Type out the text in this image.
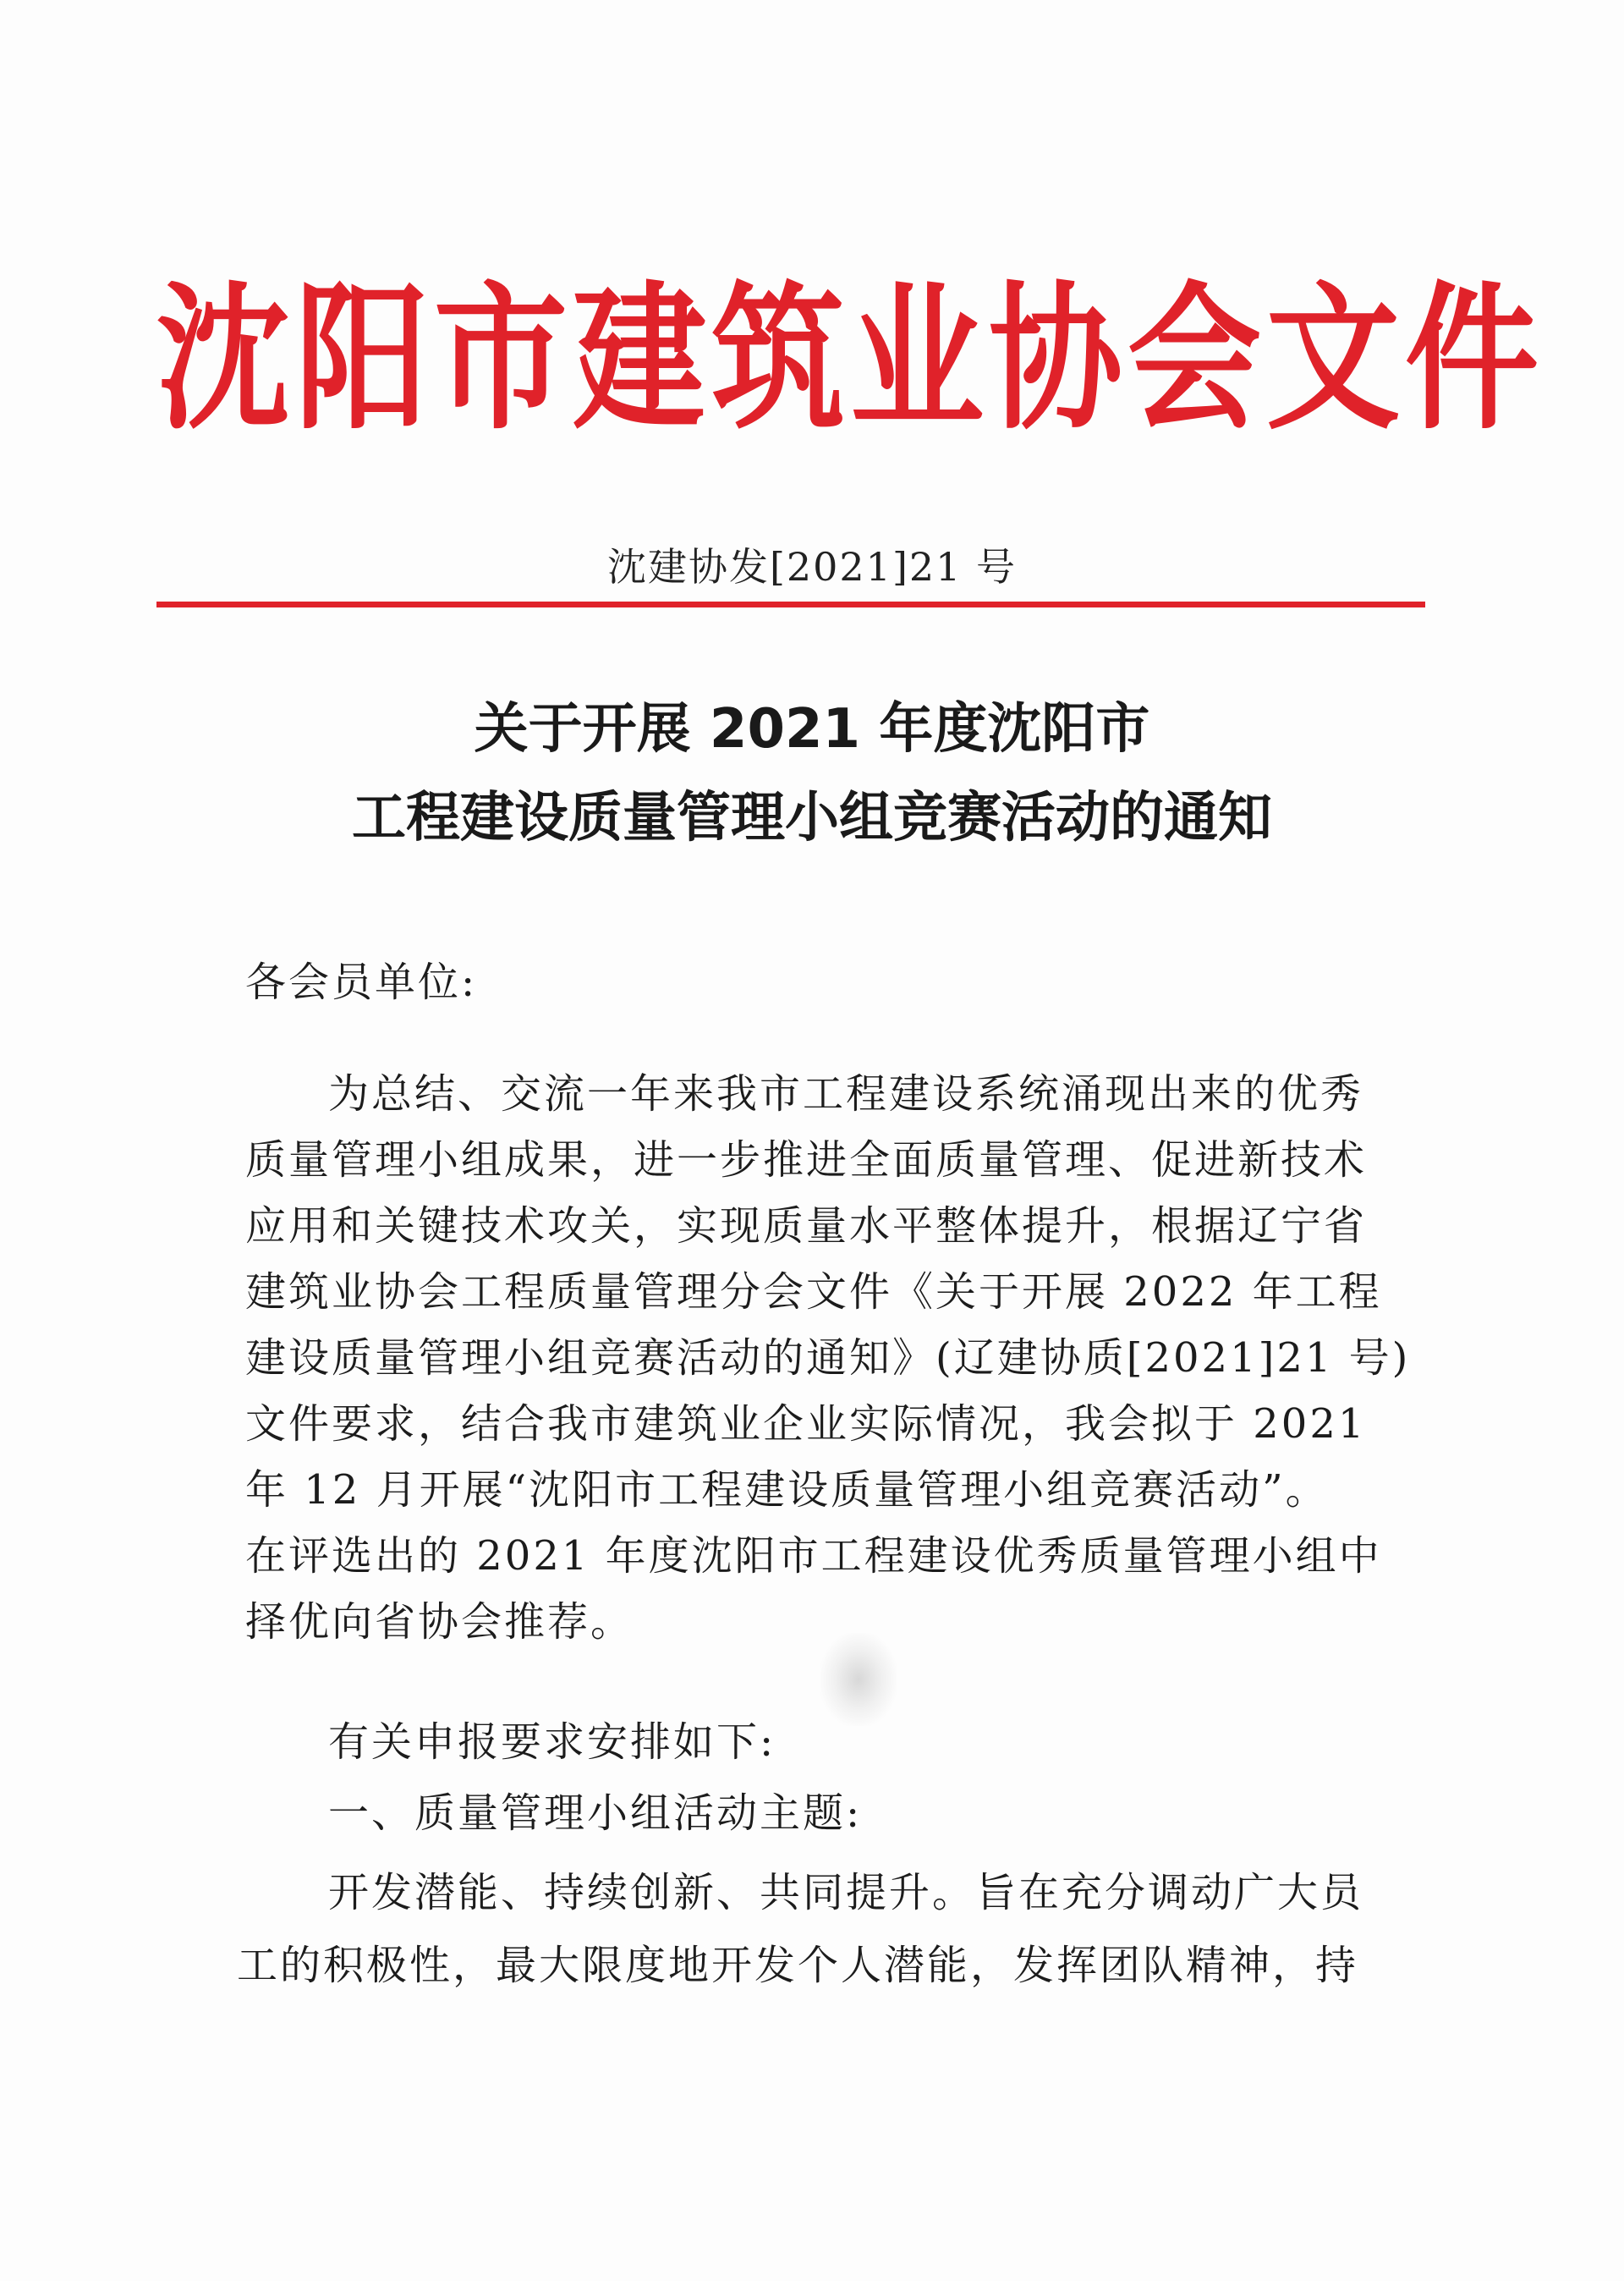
沈阳市建筑业协会文件
沈建协发[2021]21 号
关于开展 2021 年度沈阳市
工程建设质量管理小组竞赛活动的通知
各会员单位:
为总结、交流一年来我市工程建设系统涌现出来的优秀
质量管理小组成果，进一步推进全面质量管理、促进新技术
应用和关键技术攻关，实现质量水平整体提升，根据辽宁省
建筑业协会工程质量管理分会文件《关于开展 2022 年工程
建设质量管理小组竞赛活动的通知》(辽建协质[2021]21 号)
文件要求，结合我市建筑业企业实际情况，我会拟于 2021
年 12 月开展“沈阳市工程建设质量管理小组竞赛活动”。
在评选出的 2021 年度沈阳市工程建设优秀质量管理小组中
择优向省协会推荐。
有关申报要求安排如下:
一、质量管理小组活动主题:
开发潜能、持续创新、共同提升。旨在充分调动广大员
工的积极性，最大限度地开发个人潜能，发挥团队精神，持
